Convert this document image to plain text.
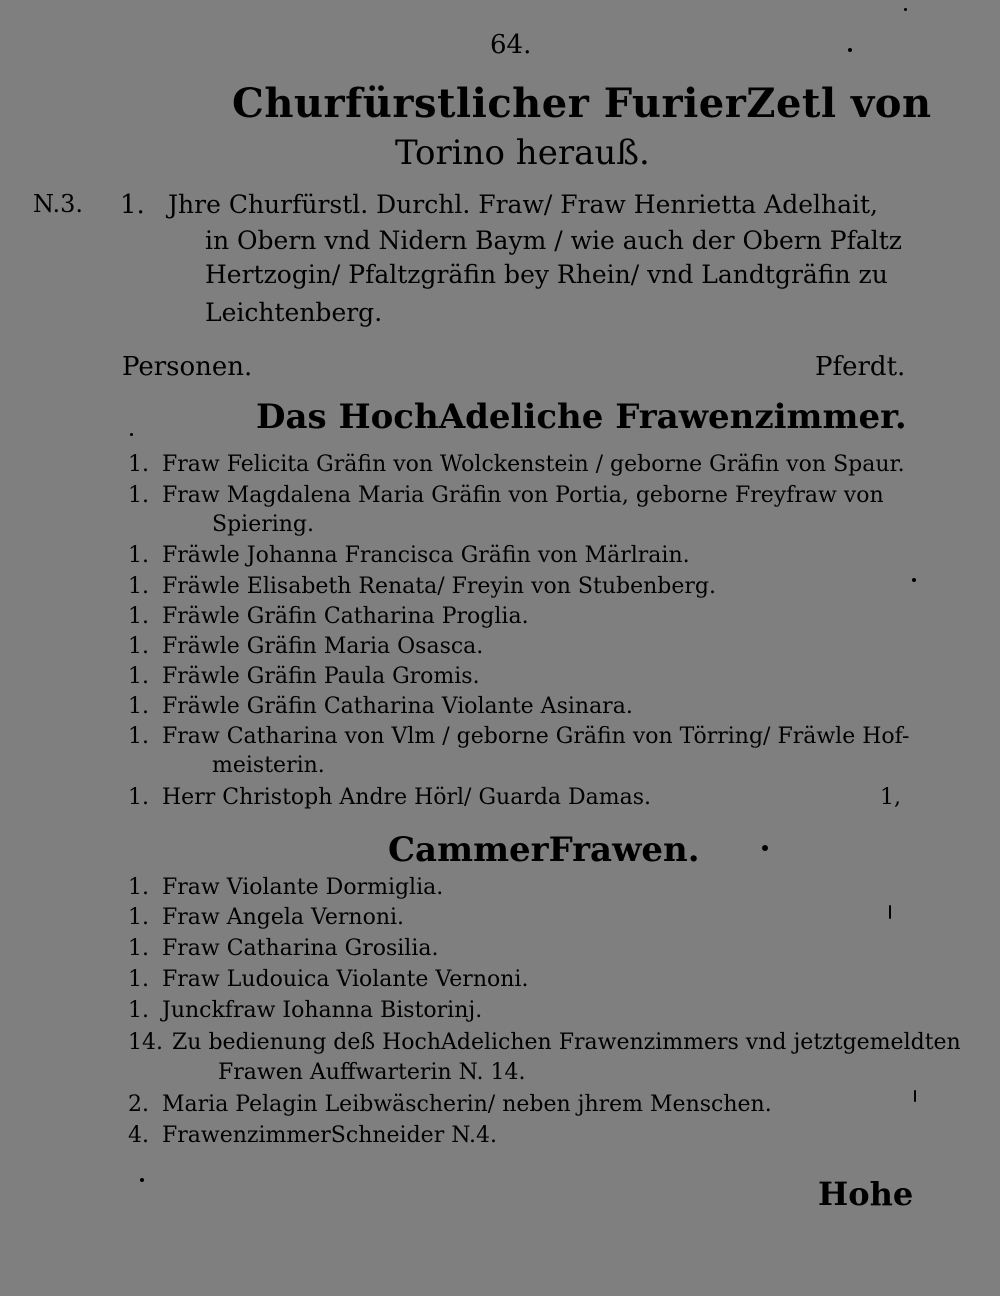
64.
Churfürstlicher FurierZetl von
Torino herauß.
N.3. 1. Jhre Churfürstl. Durchl. Fraw/ Fraw Henrietta Adelhait,
in Obern vnd Nidern Baym / wie auch der Obern Pfaltz
Hertzogin/ Pfaltzgräfin bey Rhein/ vnd Landtgräfin zu
Leichtenberg.
Personen.	Pferdt.
Das HochAdeliche Frawenzimmer.
1. Fraw Felicita Gräfin von Wolckenstein / geborne Gräfin von Spaur.
1. Fraw Magdalena Maria Gräfin von Portia, geborne Freyfraw von
Spiering.
1. Fräwle Johanna Francisca Gräfin von Märlrain.
1. Fräwle Elisabeth Renata/ Freyin von Stubenberg.
1. Fräwle Gräfin Catharina Proglia.
1. Fräwle Gräfin Maria Osasca.
1. Fräwle Gräfin Paula Gromis.
1. Fräwle Gräfin Catharina Violante Asinara.
1. Fraw Catharina von Vlm / geborne Gräfin von Törring/ Fräwle Hof-
meisterin.
1. Herr Christoph Andre Hörl/ Guarda Damas.	1,
CammerFrawen.
1. Fraw Violante Dormiglia.
1. Fraw Angela Vernoni.
1. Fraw Catharina Grosilia.
1. Fraw Ludouica Violante Vernoni.
1. Junckfraw Iohanna Bistorinj.
14. Zu bedienung deß HochAdelichen Frawenzimmers vnd jetztgemeldten
Frawen Auffwarterin N. 14.
2. Maria Pelagin Leibwäscherin/ neben jhrem Menschen.
4. FrawenzimmerSchneider N.4.
Hohe
